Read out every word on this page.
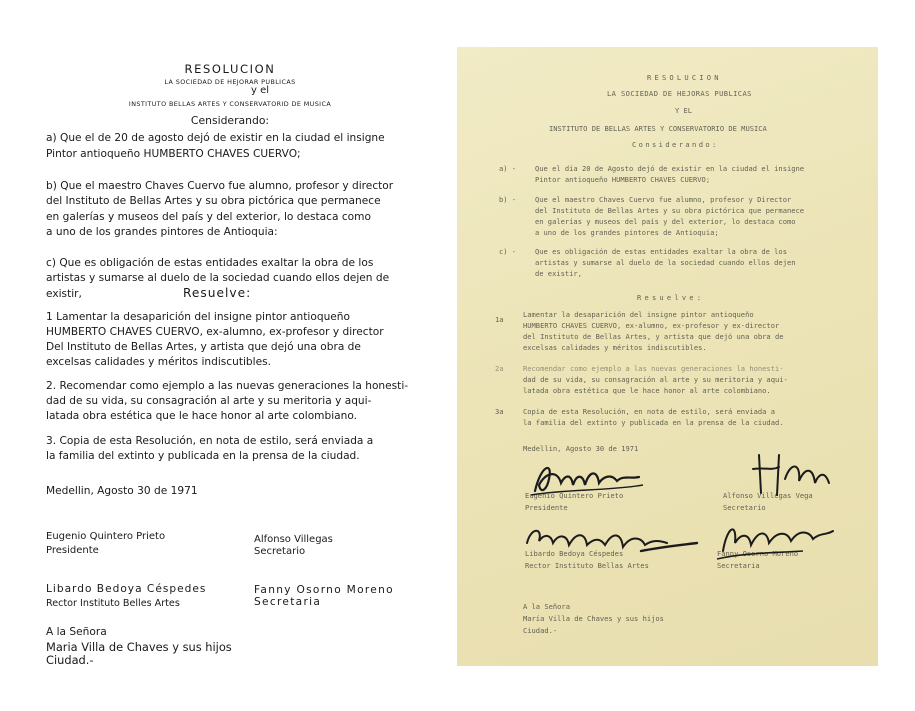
RESOLUCION

LA SOCIEDAD DE HEJORAR PUBLICAS

y el

INSTITUTO BELLAS ARTES Y CONSERVATORID DE MUSICA

Censiderando:

a) Que el de 20 de agosto dejó de existir en la ciudad el insigne

Pintor antioqueño HUMBERTO CHAVES CUERVO;

b) Que el maestro Chaves Cuervo fue alumno, profesor y director

del Instituto de Bellas Artes y su obra pictórica que permanece

en galerías y museos del país y del exterior, lo destaca como

a uno de los grandes pintores de Antioquia:

c) Que es obligación de estas entidades exaltar la obra de los

artistas y sumarse al duelo de la sociedad cuando ellos dejen de

existir,	Resuelve:

1 Lamentar la desaparición del insigne pintor antioqueño

HUMBERTO CHAVES CUERVO, ex-alumno, ex-profesor y director

Del Instituto de Bellas Artes, y artista que dejó una obra de

excelsas calidades y méritos indiscutibles.

2. Recomendar como ejemplo a las nuevas generaciones la honesti-

dad de su vida, su consagración al arte y su meritoria y aqui-

latada obra estética que le hace honor al arte colombiano.

3. Copia de esta Resolución, en nota de estilo, será enviada a

la familia del extinto y publicada en la prensa de la ciudad.

Medellin, Agosto 30 de 1971

Eugenio Quintero Prieto

Presidente

Alfonso Villegas

Secretario

Libardo Bedoya Céspedes

Rector Instituto Belles Artes

Fanny Osorno Moreno

Secretaria

A la Señora

Maria Villa de Chaves y sus hijos

Ciudad.-

RESOLUCION
LA SOCIEDAD DE HEJORAS PUBLICAS
Y EL
INSTITUTO DE BELLAS ARTES Y CONSERVATORIO DE MUSICA
Considerando:
a) -	Que el día 20 de Agosto dejó de existir en la ciudad el insigne
Pintor antioqueño HUMBERTO CHAVES CUERVO;
b) -	Que el maestro Chaves Cuervo fue alumno, profesor y Director
del Instituto de Bellas Artes y su obra pictórica que permanece
en galerías y museos del país y del exterior, lo destaca como
a uno de los grandes pintores de Antioquia;
c) -	Que es obligación de estas entidades exaltar la obra de los
artistas y sumarse al duelo de la sociedad cuando ellos dejen
de existir,
Resuelve:
1a
Lamentar la desaparición del insigne pintor antioqueño
HUMBERTO CHAVES CUERVO, ex-alumno, ex-profesor y ex-director
del Instituto de Bellas Artes, y artista que dejó una obra de
excelsas calidades y méritos indiscutibles.
2a	Recomendar como ejemplo a las nuevas generaciones la honesti-
dad de su vida, su consagración al arte y su meritoria y aqui-
latada obra estética que le hace honor al arte colombiano.
3a	Copia de esta Resolución, en nota de estilo, será enviada a
la familia del extinto y publicada en la prensa de la ciudad.
Medellin, Agosto 30 de 1971
Eugenio Quintero Prieto
Presidente
Alfonso Villegas Vega
Secretario
Libardo Bedoya Céspedes
Rector Instituto Bellas Artes
Fanny Osorno Moreno
Secretaria
A la Señora
María Villa de Chaves y sus hijos
Ciudad.-
